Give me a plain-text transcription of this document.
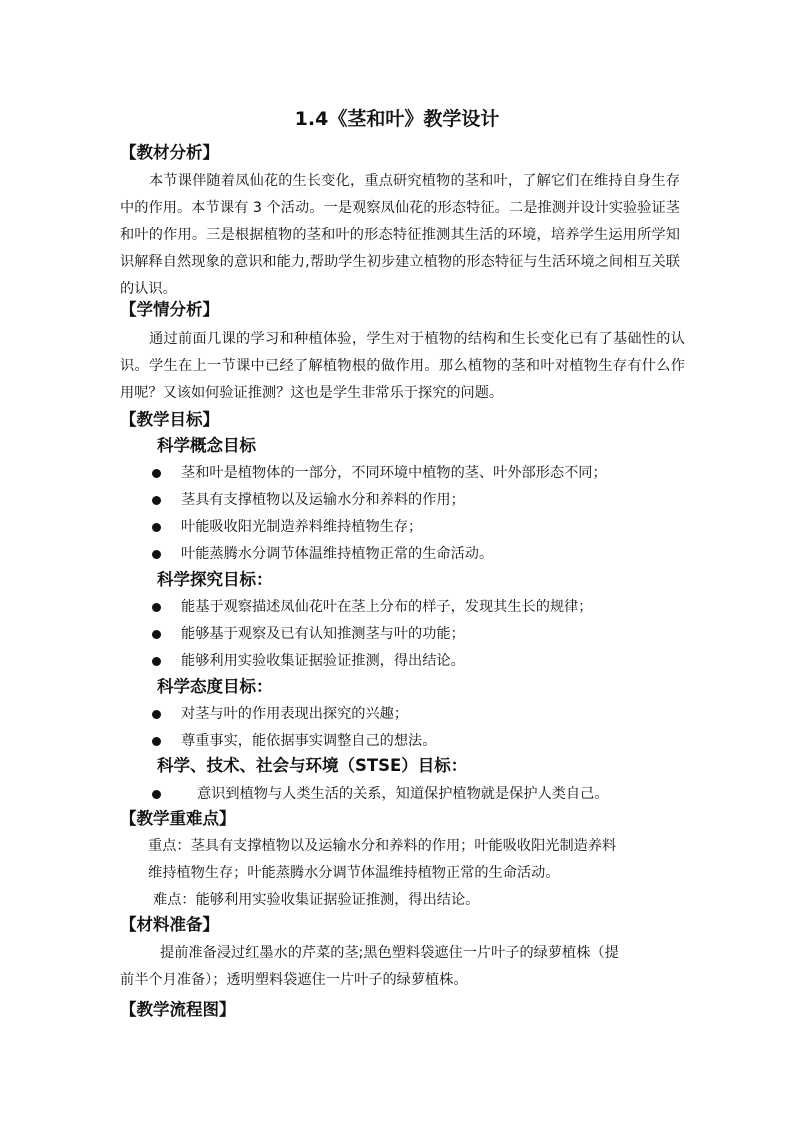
1.4《茎和叶》教学设计
【教材分析】

本节课伴随着凤仙花的生长变化，重点研究植物的茎和叶，了解它们在维持自身生存中的作用。本节课有 3 个活动。一是观察凤仙花的形态特征。二是推测并设计实验验证茎和叶的作用。三是根据植物的茎和叶的形态特征推测其生活的环境，培养学生运用所学知识解释自然现象的意识和能力,帮助学生初步建立植物的形态特征与生活环境之间相互关联的认识。

【学情分析】

通过前面几课的学习和种植体验，学生对于植物的结构和生长变化已有了基础性的认识。学生在上一节课中已经了解植物根的做作用。那么植物的茎和叶对植物生存有什么作用呢？又该如何验证推测？这也是学生非常乐于探究的问题。

【教学目标】
科学概念目标
茎和叶是植物体的一部分，不同环境中植物的茎、叶外部形态不同；
茎具有支撑植物以及运输水分和养料的作用；
叶能吸收阳光制造养料维持植物生存；
叶能蒸腾水分调节体温维持植物正常的生命活动。
科学探究目标：
能基于观察描述凤仙花叶在茎上分布的样子，发现其生长的规律；
能够基于观察及已有认知推测茎与叶的功能；
能够利用实验收集证据验证推测，得出结论。
科学态度目标：
对茎与叶的作用表现出探究的兴趣；
尊重事实，能依据事实调整自己的想法。
科学、技术、社会与环境（STSE）目标：
意识到植物与人类生活的关系，知道保护植物就是保护人类自己。
【教学重难点】
重点：茎具有支撑植物以及运输水分和养料的作用；叶能吸收阳光制造养料
维持植物生存；叶能蒸腾水分调节体温维持植物正常的生命活动。
难点：能够利用实验收集证据验证推测，得出结论。
【材料准备】
提前准备浸过红墨水的芹菜的茎;黑色塑料袋遮住一片叶子的绿萝植株（提
前半个月准备）；透明塑料袋遮住一片叶子的绿萝植株。
【教学流程图】
